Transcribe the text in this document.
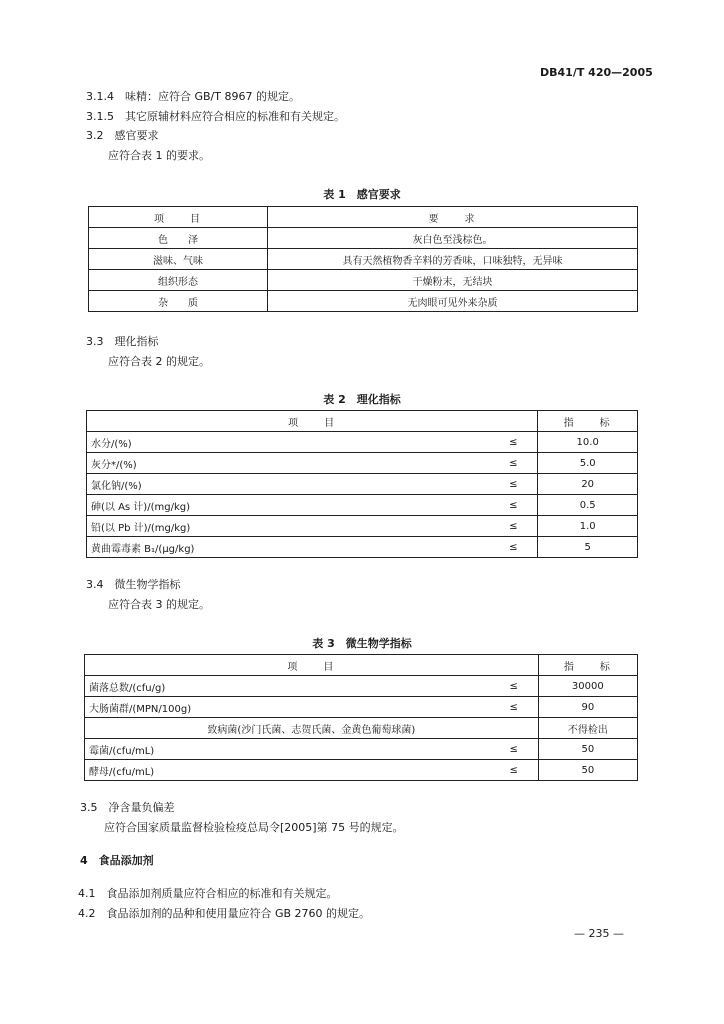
DB41/T 420—2005
3.1.4　味精：应符合 GB/T 8967 的规定。
3.1.5　其它原辅材料应符合相应的标准和有关规定。
3.2　感官要求
应符合表 1 的要求。
表 1　感官要求
项　　目	要　　求
色　　泽	灰白色至浅棕色。
滋味、气味	具有天然植物香辛料的芳香味，口味独特，无异味
组织形态	干燥粉末，无结块
杂　　质	无肉眼可见外来杂质
3.3　理化指标
应符合表 2 的规定。
表 2　理化指标
项　　目		指　　标
水分/(%)	≤	10.0
灰分*/(%)	≤	5.0
氯化钠/(%)	≤	20
砷(以 As 计)/(mg/kg)	≤	0.5
铅(以 Pb 计)/(mg/kg)	≤	1.0
黄曲霉毒素 B₁/(μg/kg)	≤	5
3.4　微生物学指标
应符合表 3 的规定。
表 3　微生物学指标
项　　目		指　　标
菌落总数/(cfu/g)	≤	30000
大肠菌群/(MPN/100g)	≤	90
致病菌(沙门氏菌、志贺氏菌、金黄色葡萄球菌)		不得检出
霉菌/(cfu/mL)	≤	50
酵母/(cfu/mL)	≤	50
3.5　净含量负偏差
应符合国家质量监督检验检疫总局令[2005]第 75 号的规定。
4　食品添加剂
4.1　食品添加剂质量应符合相应的标准和有关规定。
4.2　食品添加剂的品种和使用量应符合 GB 2760 的规定。
— 235 —
